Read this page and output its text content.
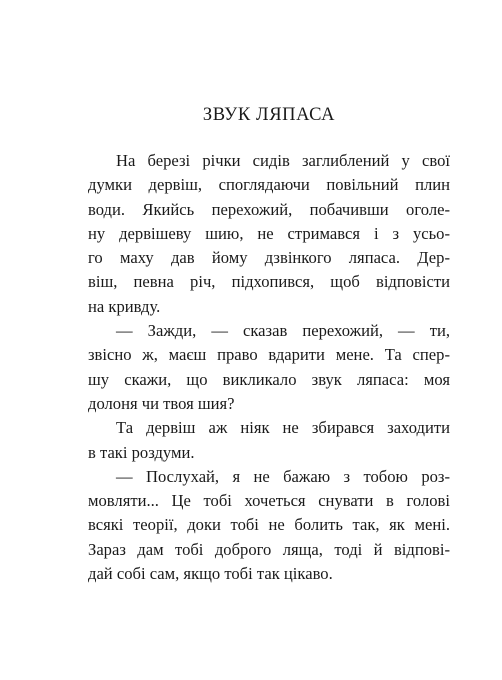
ЗВУК ЛЯПАСА

На березі річки сидів заглиблений у свої
думки дервіш, споглядаючи повільний плин
води. Якийсь перехожий, побачивши оголе-
ну дервішеву шию, не стримався і з усьо-
го маху дав йому дзвінкого ляпаса. Дер-
віш, певна річ, підхопився, щоб відповісти
на кривду.

— Зажди, — сказав перехожий, — ти,
звісно ж, маєш право вдарити мене. Та спер-
шу скажи, що викликало звук ляпаса: моя
долоня чи твоя шия?

Та дервіш аж ніяк не збирався заходити
в такі роздуми.

— Послухай, я не бажаю з тобою роз-
мовляти... Це тобі хочеться снувати в голові
всякі теорії, доки тобі не болить так, як мені.
Зараз дам тобі доброго ляща, тоді й відпові-
дай собі сам, якщо тобі так цікаво.
